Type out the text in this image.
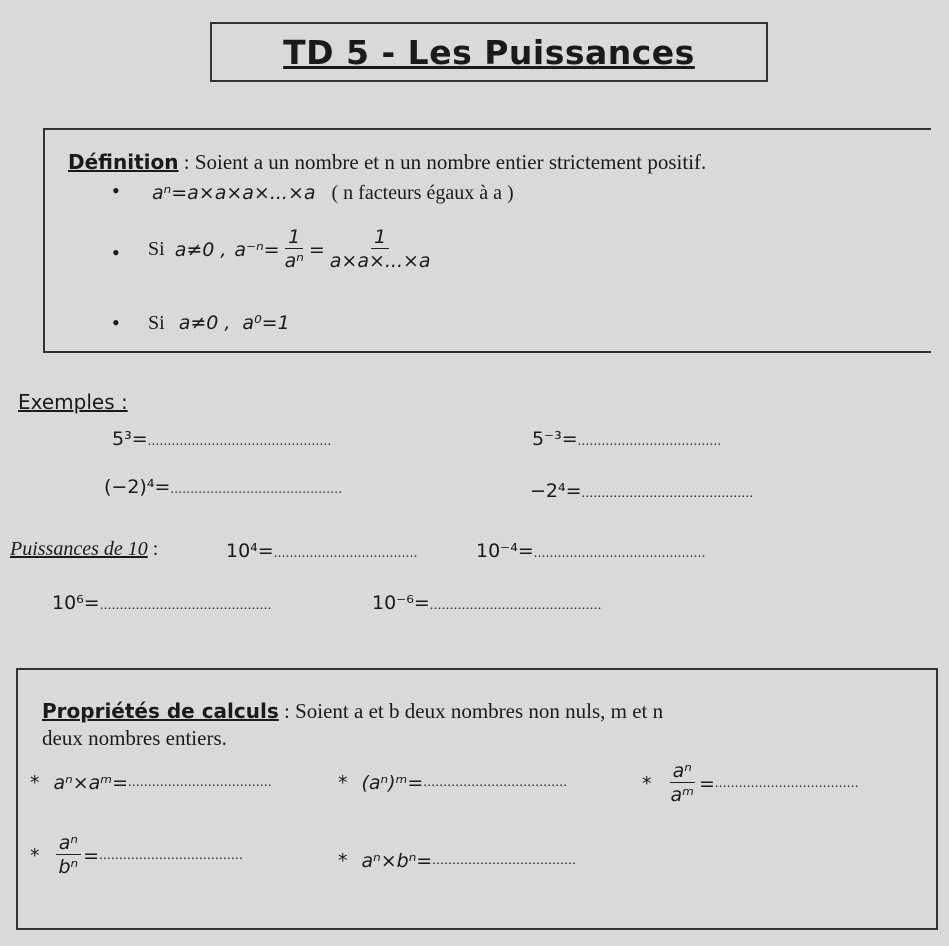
TD 5 - Les Puissances
Définition : Soient a un nombre et n un nombre entier strictement positif.
• aⁿ=a×a×a×...×a ( n facteurs égaux à a )
• Si a≠0 , $a^{-n}= \frac{1}{\text{aⁿ}} = \frac{1}{a\times a\times...\times a}$
• Si a≠0 , a⁰=1
Exemples :
5³=..............................................	5⁻³=....................................
(−2)⁴=...........................................	−2⁴=...........................................
Puissances de 10 :	10⁴=....................................	10⁻⁴=...........................................
10⁶=...........................................	10⁻⁶=...........................................
Propriétés de calculs : Soient a et b deux nombres non nuls, m et n
deux nombres entiers.
* aⁿ×aᵐ= ....................................	* (aⁿ)ᵐ= ....................................	* $\frac{\text{aⁿ}}{\text{aᵐ}}$ = ....................................
* $\frac{\text{aⁿ}}{\text{bⁿ}}$ = ....................................	* aⁿ×bⁿ= ....................................
